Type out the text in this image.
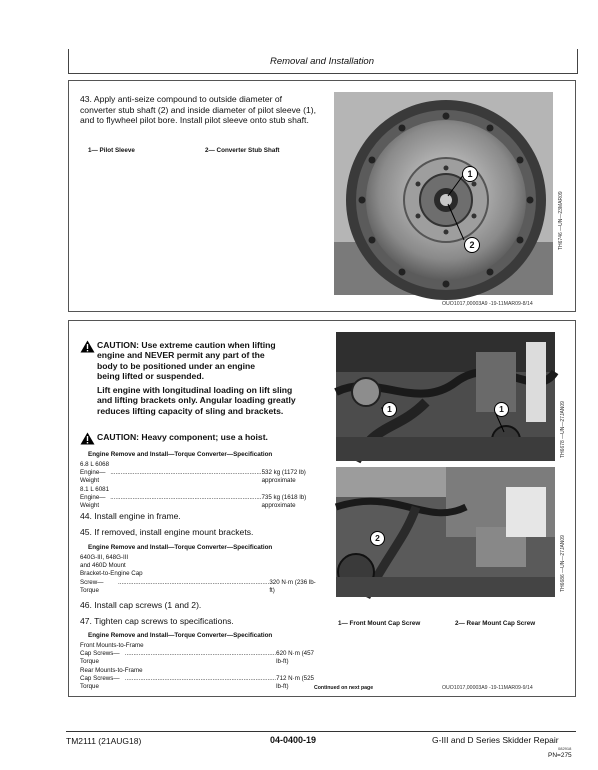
Removal and Installation
43. Apply anti-seize compound to outside diameter of converter stub shaft (2) and inside diameter of pilot sleeve (1), and to flywheel pilot bore. Install pilot sleeve onto stub shaft.
1— Pilot Sleeve	2— Converter Stub Shaft
1
2	TH6746 —UN—23MAR09
OUO1017,00003A9 -19-11MAR09-8/14
CAUTION: Use extreme caution when lifting
engine and NEVER permit any part of the
body to be positioned under an engine
being lifted or suspended.
Lift engine with longitudinal loading on lift sling
and lifting brackets only. Angular loading greatly
reduces lifting capacity of sling and brackets.
CAUTION: Heavy component; use a hoist.
Engine Remove and Install—Torque Converter—Specification
6.8 L 6068
Engine—Weight
........................................................................................ 532 kg (1172 lb) approximate
8.1 L 6081
Engine—Weight
........................................................................................ 735 kg (1618 lb) approximate
44. Install engine in frame.
45. If removed, install engine mount brackets.
Engine Remove and Install—Torque Converter—Specification
640G-III, 648G-III
and 460D Mount
Bracket-to-Engine Cap
Screw—Torque
........................................................................................ 320 N·m (236 lb-ft)
46. Install cap screws (1 and 2).
47. Tighten cap screws to specifications.
Engine Remove and Install—Torque Converter—Specification
Front Mounts-to-Frame
Cap Screws—Torque
........................................................................................ 620 N·m (457 lb-ft)
Rear Mounts-to-Frame
Cap Screws—Torque
........................................................................................ 712 N·m (525 lb-ft)
1	1	TH6678 —UN—27JAN09
2	TH6686 —UN—27JAN09
1— Front Mount Cap Screw	2— Rear Mount Cap Screw
Continued on next page	OUO1017,00003A9 -19-11MAR09-9/14
TM2111 (21AUG18)	04-0400-19	G-III and D Series Skidder Repair
082918
PN=275
